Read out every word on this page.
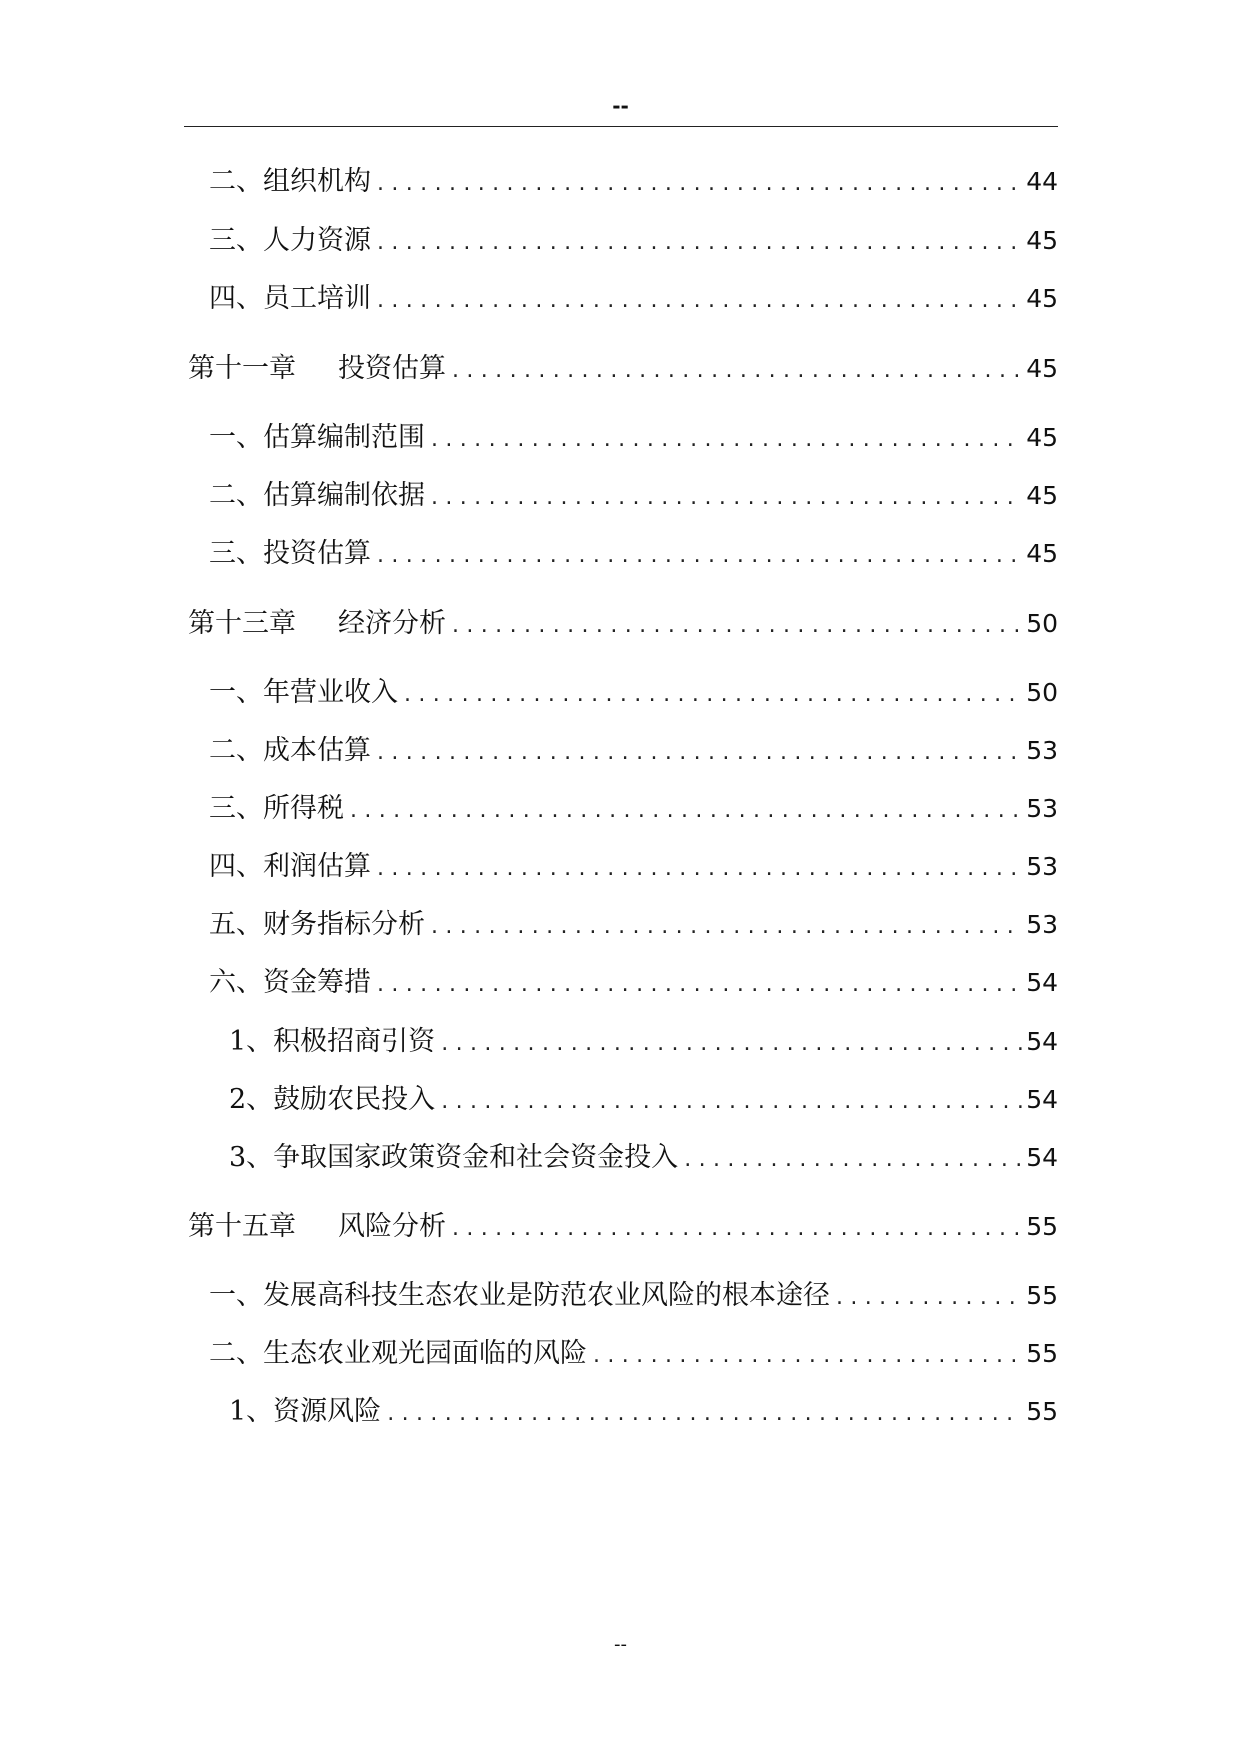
--
二、组织机构 .....	44
三、人力资源 .....	45
四、员工培训 .....	45
第十一章 投资估算 .....	45
一、估算编制范围 .....	45
二、估算编制依据 .....	45
三、投资估算 .....	45
第十三章 经济分析 .....	50
一、年营业收入 .....	50
二、成本估算 .....	53
三、所得税 .....	53
四、利润估算 .....	53
五、财务指标分析 .....	53
六、资金筹措 .....	54
1、积极招商引资 .....	54
2、鼓励农民投入 .....	54
3、争取国家政策资金和社会资金投入 .....	54
第十五章 风险分析 .....	55
一、发展高科技生态农业是防范农业风险的根本途径 .....	55
二、生态农业观光园面临的风险 .....	55
1、资源风险 .....	55
--
